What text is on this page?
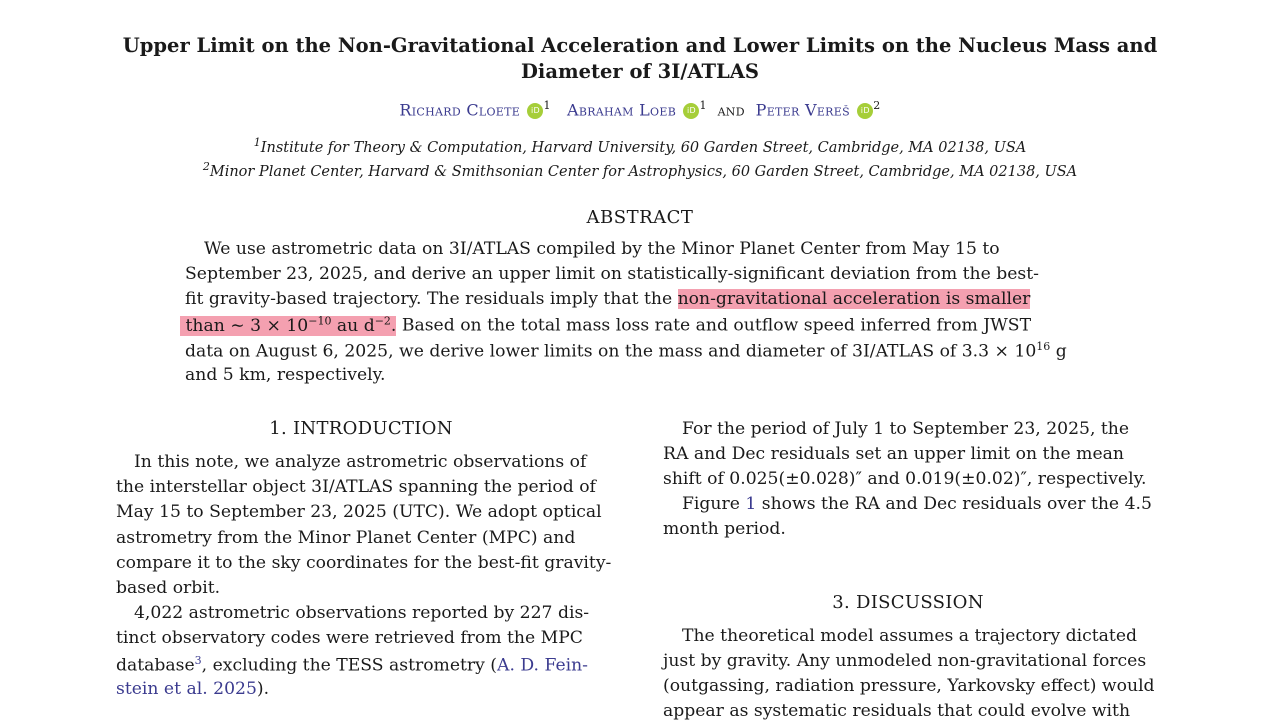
Upper Limit on the Non-Gravitational Acceleration and Lower Limits on the Nucleus Mass and
Diameter of 3I/ATLAS
Richard Cloete iD $^1$ Abraham Loeb iD $^1$ and Peter Vereš iD $^2$
$^1$Institute for Theory & Computation, Harvard University, 60 Garden Street, Cambridge, MA 02138, USA
$^2$Minor Planet Center, Harvard & Smithsonian Center for Astrophysics, 60 Garden Street, Cambridge, MA 02138, USA
ABSTRACT
We use astrometric data on 3I/ATLAS compiled by the Minor Planet Center from May 15 to
September 23, 2025, and derive an upper limit on statistically-significant deviation from the best-
fit gravity-based trajectory. The residuals imply that the non-gravitational acceleration is smaller
than ∼ $3 \times 10^{-10}$ au $d^{-2}$. Based on the total mass loss rate and outflow speed inferred from JWST
data on August 6, 2025, we derive lower limits on the mass and diameter of 3I/ATLAS of $3.3 \times 10^{16}$ g
and 5 km, respectively.
1. INTRODUCTION
In this note, we analyze astrometric observations of
the interstellar object 3I/ATLAS spanning the period of
May 15 to September 23, 2025 (UTC). We adopt optical
astrometry from the Minor Planet Center (MPC) and
compare it to the sky coordinates for the best-fit gravity-
based orbit.
4,022 astrometric observations reported by 227 dis-
tinct observatory codes were retrieved from the MPC
database$^3$, excluding the TESS astrometry (A. D. Fein-
stein et al. 2025).
For the period of July 1 to September 23, 2025, the
RA and Dec residuals set an upper limit on the mean
shift of 0.025(±0.028)″ and 0.019(±0.02)″, respectively.
Figure 1 shows the RA and Dec residuals over the 4.5
month period.
3. DISCUSSION
The theoretical model assumes a trajectory dictated
just by gravity. Any unmodeled non-gravitational forces
(outgassing, radiation pressure, Yarkovsky effect) would
appear as systematic residuals that could evolve with
